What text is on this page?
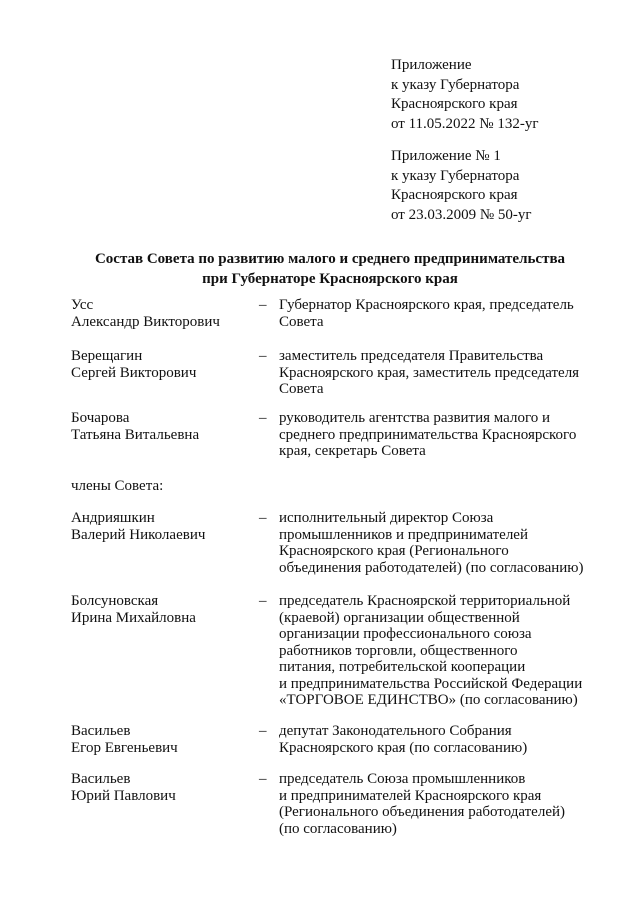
Приложение
к указу Губернатора
Красноярского края
от 11.05.2022 № 132-уг
Приложение № 1
к указу Губернатора
Красноярского края
от 23.03.2009 № 50-уг
Состав Совета по развитию малого и среднего предпринимательства
при Губернаторе Красноярского края
Усс
Александр Викторович
– Губернатор Красноярского края, председатель
Совета
Верещагин
Сергей Викторович
– заместитель председателя Правительства
Красноярского края, заместитель председателя
Совета
Бочарова
Татьяна Витальевна
– руководитель агентства развития малого и
среднего предпринимательства Красноярского
края, секретарь Совета
члены Совета:
Андрияшкин
Валерий Николаевич
– исполнительный директор Союза
промышленников и предпринимателей
Красноярского края (Регионального
объединения работодателей) (по согласованию)
Болсуновская
Ирина Михайловна
– председатель Красноярской территориальной
(краевой) организации общественной
организации профессионального союза
работников торговли, общественного
питания, потребительской кооперации
и предпринимательства Российской Федерации
«ТОРГОВОЕ ЕДИНСТВО» (по согласованию)
Васильев
Егор Евгеньевич
– депутат Законодательного Собрания
Красноярского края (по согласованию)
Васильев
Юрий Павлович
– председатель Союза промышленников
и предпринимателей Красноярского края
(Регионального объединения работодателей)
(по согласованию)
